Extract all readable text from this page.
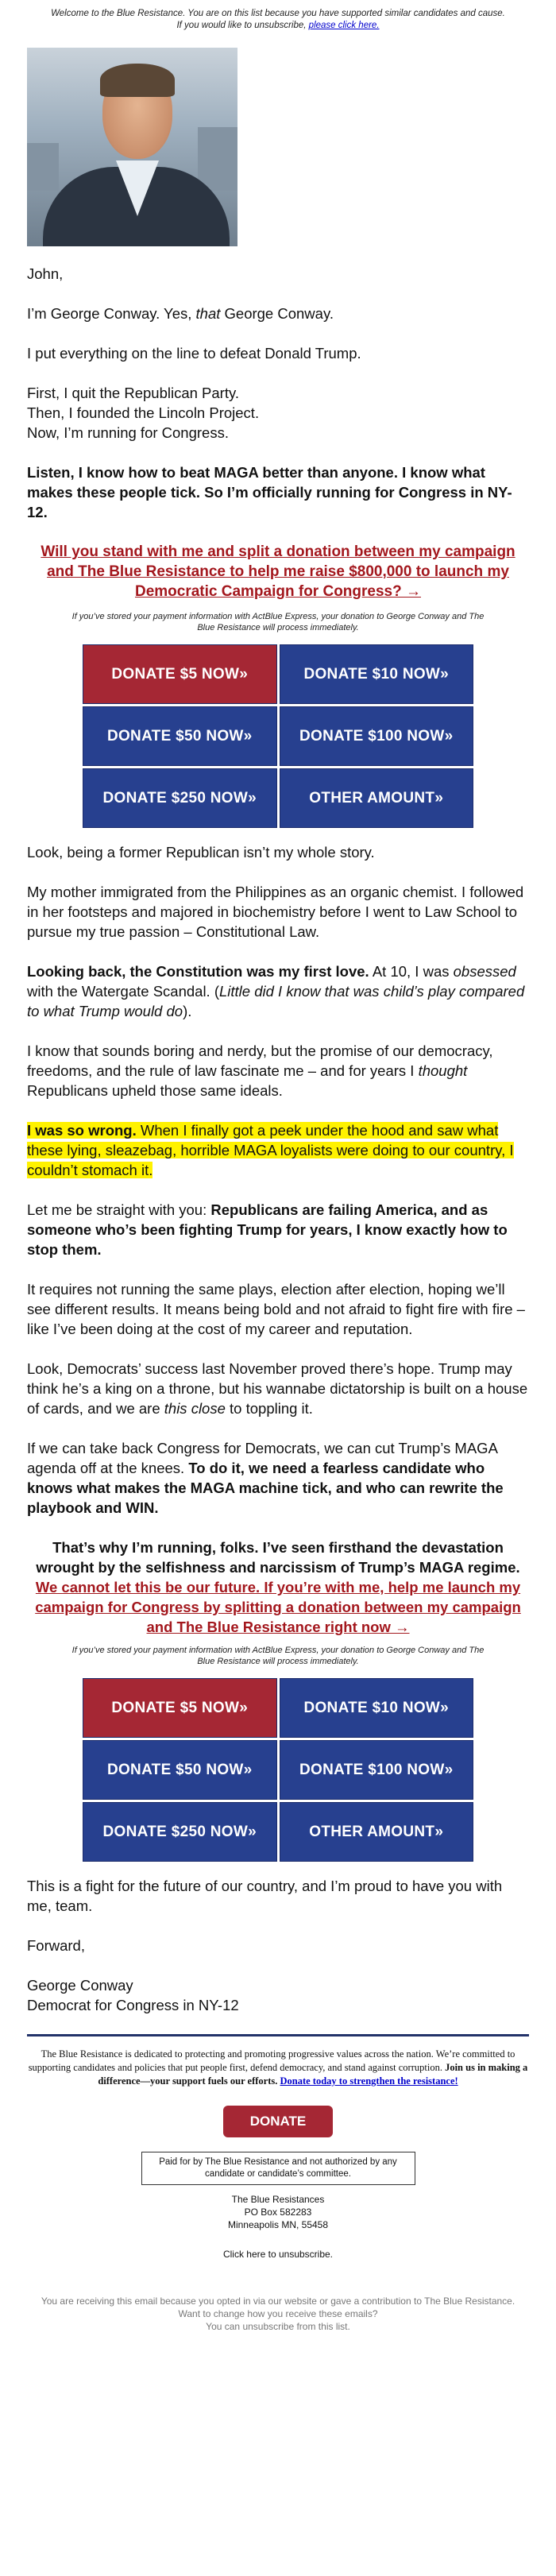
Welcome to the Blue Resistance. You are on this list because you have supported similar candidates and cause. If you would like to unsubscribe, please click here.

John,

I’m George Conway. Yes, that George Conway.

I put everything on the line to defeat Donald Trump.

First, I quit the Republican Party.

Then, I founded the Lincoln Project.

Now, I’m running for Congress.

Listen, I know how to beat MAGA better than anyone. I know what makes these people tick. So I’m officially running for Congress in NY-12.

Will you stand with me and split a donation between my campaign and The Blue Resistance to help me raise $800,000 to launch my Democratic Campaign for Congress? →

If you’ve stored your payment information with ActBlue Express, your donation to George Conway and The Blue Resistance will process immediately.
DONATE $5 NOW»	DONATE $10 NOW»
DONATE $50 NOW»	DONATE $100 NOW»
DONATE $250 NOW»	OTHER AMOUNT»

Look, being a former Republican isn’t my whole story.

My mother immigrated from the Philippines as an organic chemist. I followed in her footsteps and majored in biochemistry before I went to Law School to pursue my true passion – Constitutional Law.

Looking back, the Constitution was my first love. At 10, I was obsessed with the Watergate Scandal. (Little did I know that was child’s play compared to what Trump would do).

I know that sounds boring and nerdy, but the promise of our democracy, freedoms, and the rule of law fascinate me – and for years I thought Republicans upheld those same ideals.

I was so wrong. When I finally got a peek under the hood and saw what these lying, sleazebag, horrible MAGA loyalists were doing to our country, I couldn’t stomach it.

Let me be straight with you: Republicans are failing America, and as someone who’s been fighting Trump for years, I know exactly how to stop them.

It requires not running the same plays, election after election, hoping we’ll see different results. It means being bold and not afraid to fight fire with fire – like I’ve been doing at the cost of my career and reputation.

Look, Democrats’ success last November proved there’s hope. Trump may think he’s a king on a throne, but his wannabe dictatorship is built on a house of cards, and we are this close to toppling it.

If we can take back Congress for Democrats, we can cut Trump’s MAGA agenda off at the knees. To do it, we need a fearless candidate who knows what makes the MAGA machine tick, and who can rewrite the playbook and WIN.

That’s why I’m running, folks. I’ve seen firsthand the devastation wrought by the selfishness and narcissism of Trump’s MAGA regime. We cannot let this be our future. If you’re with me, help me launch my campaign for Congress by splitting a donation between my campaign and The Blue Resistance right now →
If you’ve stored your payment information with ActBlue Express, your donation to George Conway and The Blue Resistance will process immediately.
DONATE $5 NOW»	DONATE $10 NOW»
DONATE $50 NOW»	DONATE $100 NOW»
DONATE $250 NOW»	OTHER AMOUNT»

This is a fight for the future of our country, and I’m proud to have you with me, team.

Forward,

George Conway

Democrat for Congress in NY-12

The Blue Resistance is dedicated to protecting and promoting progressive values across the nation. We’re committed to supporting candidates and policies that put people first, defend democracy, and stand against corruption. Join us in making a difference—your support fuels our efforts. Donate today to strengthen the resistance!
DONATE
Paid for by The Blue Resistance and not authorized by any candidate or candidate’s committee.
The Blue Resistances
PO Box 582283
Minneapolis MN, 55458
Click here to unsubscribe.
You are receiving this email because you opted in via our website or gave a contribution to The Blue Resistance. Want to change how you receive these emails?
You can unsubscribe from this list.
